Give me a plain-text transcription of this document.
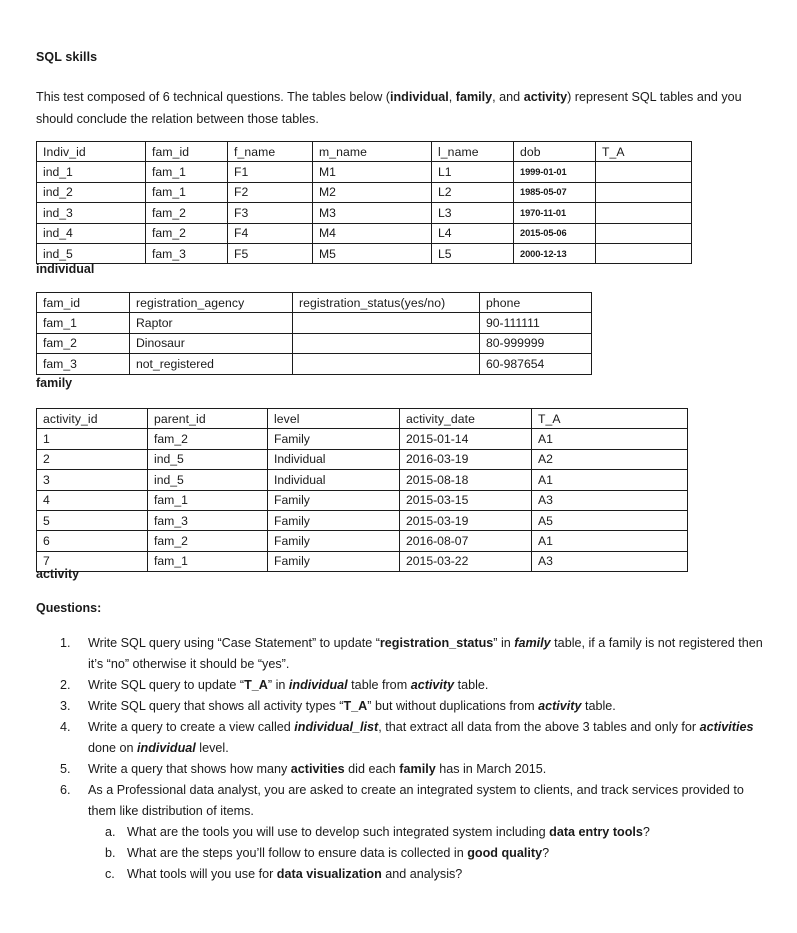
SQL skills
This test composed of 6 technical questions. The tables below (individual, family, and activity) represent SQL tables and you should conclude the relation between those tables.
Indiv_id	fam_id	f_name	m_name	l_name	dob	T_A
ind_1	fam_1	F1	M1	L1	1999-01-01	
ind_2	fam_1	F2	M2	L2	1985-05-07	
ind_3	fam_2	F3	M3	L3	1970-11-01	
ind_4	fam_2	F4	M4	L4	2015-05-06	
ind_5	fam_3	F5	M5	L5	2000-12-13	
individual
fam_id	registration_agency	registration_status(yes/no)	phone
fam_1	Raptor		90-111111
fam_2	Dinosaur		80-999999
fam_3	not_registered		60-987654
family
activity_id	parent_id	level	activity_date	T_A
1	fam_2	Family	2015-01-14	A1
2	ind_5	Individual	2016-03-19	A2
3	ind_5	Individual	2015-08-18	A1
4	fam_1	Family	2015-03-15	A3
5	fam_3	Family	2015-03-19	A5
6	fam_2	Family	2016-08-07	A1
7	fam_1	Family	2015-03-22	A3
activity
Questions:
1.	Write SQL query using “Case Statement” to update “registration_status” in family table, if a family is not registered then it’s “no” otherwise it should be “yes”.
2.	Write SQL query to update “T_A” in individual table from activity table.
3.	Write SQL query that shows all activity types “T_A” but without duplications from activity table.
4.	Write a query to create a view called individual_list, that extract all data from the above 3 tables and only for activities done on individual level.
5.	Write a query that shows how many activities did each family has in March 2015.
6.	As a Professional data analyst, you are asked to create an integrated system to clients, and track services provided to them like distribution of items.
a. What are the tools you will use to develop such integrated system including data entry tools?
b. What are the steps you’ll follow to ensure data is collected in good quality?
c. What tools will you use for data visualization and analysis?
